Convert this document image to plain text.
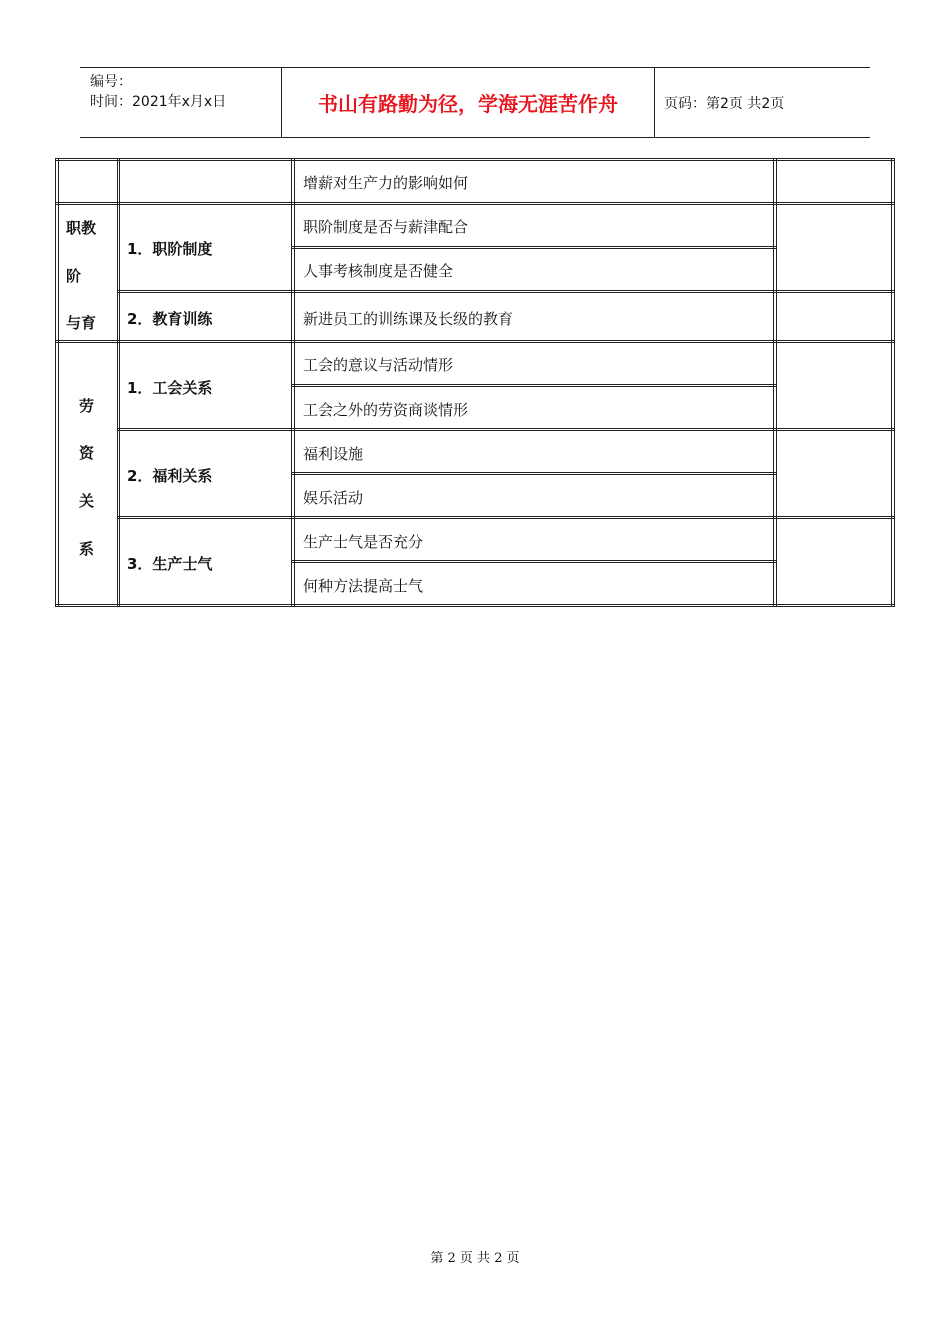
编号：
时间：2021年x月x日	书山有路勤为径，学海无涯苦作舟	页码：第2页 共2页
职教
阶
与育
劳
资
关
系
1．职阶制度
2．教育训练
1．工会关系
2．福利关系
3．生产士气
增薪对生产力的影响如何
职阶制度是否与薪津配合
人事考核制度是否健全
新进员工的训练课及长级的教育
工会的意议与活动情形
工会之外的劳资商谈情形
福利设施
娱乐活动
生产士气是否充分
何种方法提高士气
第 2 页 共 2 页
